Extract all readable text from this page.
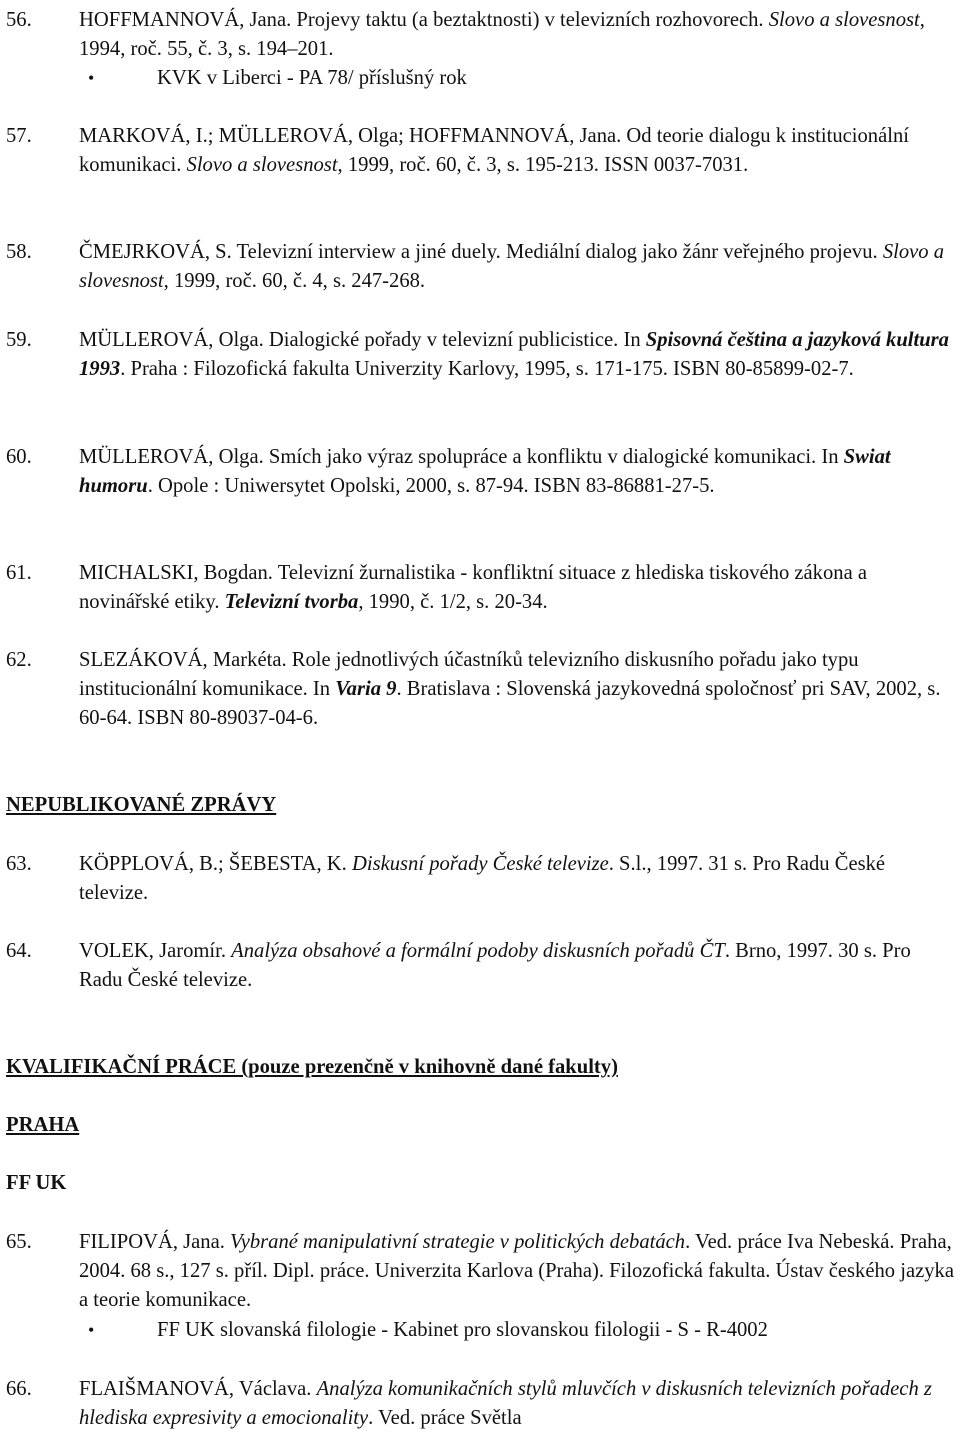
56. HOFFMANNOVÁ, Jana. Projevy taktu (a beztaktnosti) v televizních rozhovorech. Slovo a slovesnost, 1994, roč. 55, č. 3, s. 194–201.
•	KVK v Liberci - PA 78/ příslušný rok
57. MARKOVÁ, I.; MÜLLEROVÁ, Olga; HOFFMANNOVÁ, Jana. Od teorie dialogu k institucionální komunikaci. Slovo a slovesnost, 1999, roč. 60, č. 3, s. 195-213. ISSN 0037-7031.
58. ČMEJRKOVÁ, S. Televizní interview a jiné duely. Mediální dialog jako žánr veřejného projevu. Slovo a slovesnost, 1999, roč. 60, č. 4, s. 247-268.
59. MÜLLEROVÁ, Olga. Dialogické pořady v televizní publicistice. In Spisovná čeština a jazyková kultura 1993. Praha : Filozofická fakulta Univerzity Karlovy, 1995, s. 171-175. ISBN 80-85899-02-7.
60. MÜLLEROVÁ, Olga. Smích jako výraz spolupráce a konfliktu v dialogické komunikaci. In Swiat humoru. Opole : Uniwersytet Opolski, 2000, s. 87-94. ISBN 83-86881-27-5.
61. MICHALSKI, Bogdan. Televizní žurnalistika - konfliktní situace z hlediska tiskového zákona a novinářské etiky. Televizní tvorba, 1990, č. 1/2, s. 20-34.
62. SLEZÁKOVÁ, Markéta. Role jednotlivých účastníků televizního diskusního pořadu jako typu institucionální komunikace. In Varia 9. Bratislava : Slovenská jazykovedná spoločnosť pri SAV, 2002, s. 60-64. ISBN 80-89037-04-6.
NEPUBLIKOVANÉ ZPRÁVY
63. KÖPPLOVÁ, B.; ŠEBESTA, K. Diskusní pořady České televize. S.l., 1997. 31 s. Pro Radu České televize.
64. VOLEK, Jaromír. Analýza obsahové a formální podoby diskusních pořadů ČT. Brno, 1997. 30 s. Pro Radu České televize.
KVALIFIKAČNÍ PRÁCE (pouze prezenčně v knihovně dané fakulty)
PRAHA
FF UK
65. FILIPOVÁ, Jana. Vybrané manipulativní strategie v politických debatách. Ved. práce Iva Nebeská. Praha, 2004. 68 s., 127 s. příl. Dipl. práce. Univerzita Karlova (Praha). Filozofická fakulta. Ústav českého jazyka a teorie komunikace.
•	FF UK slovanská filologie - Kabinet pro slovanskou filologii - S - R-4002
66. FLAIŠMANOVÁ, Václava. Analýza komunikačních stylů mluvčích v diskusních televizních pořadech z hlediska expresivity a emocionality. Ved. práce Světla
